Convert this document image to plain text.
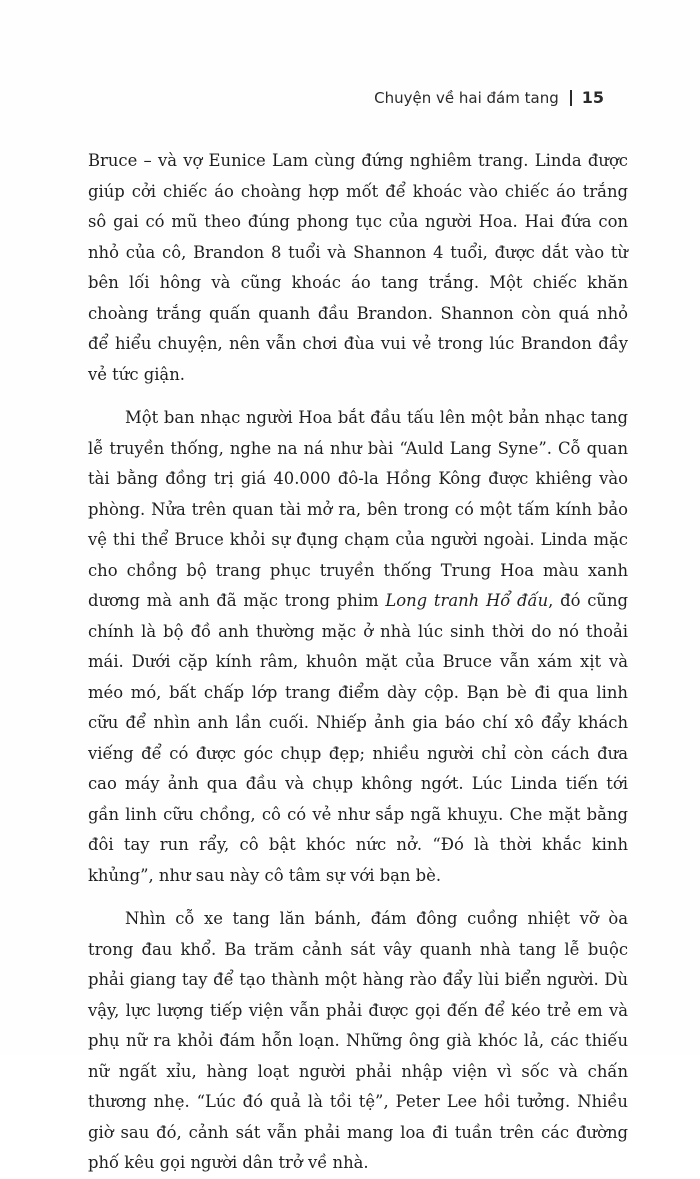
Chuyện về hai đám tang 15

Bruce – và vợ Eunice Lam cùng đứng nghiêm trang. Linda được giúp cởi chiếc áo choàng hợp mốt để khoác vào chiếc áo trắng sô gai có mũ theo đúng phong tục của người Hoa. Hai đứa con nhỏ của cô, Brandon 8 tuổi và Shannon 4 tuổi, được dắt vào từ bên lối hông và cũng khoác áo tang trắng. Một chiếc khăn choàng trắng quấn quanh đầu Brandon. Shannon còn quá nhỏ để hiểu chuyện, nên vẫn chơi đùa vui vẻ trong lúc Brandon đầy vẻ tức giận.

Một ban nhạc người Hoa bắt đầu tấu lên một bản nhạc tang lễ truyền thống, nghe na ná như bài “Auld Lang Syne”. Cỗ quan tài bằng đồng trị giá 40.000 đô-la Hồng Kông được khiêng vào phòng. Nửa trên quan tài mở ra, bên trong có một tấm kính bảo vệ thi thể Bruce khỏi sự đụng chạm của người ngoài. Linda mặc cho chồng bộ trang phục truyền thống Trung Hoa màu xanh dương mà anh đã mặc trong phim Long tranh Hổ đấu, đó cũng chính là bộ đồ anh thường mặc ở nhà lúc sinh thời do nó thoải mái. Dưới cặp kính râm, khuôn mặt của Bruce vẫn xám xịt và méo mó, bất chấp lớp trang điểm dày cộp. Bạn bè đi qua linh cữu để nhìn anh lần cuối. Nhiếp ảnh gia báo chí xô đẩy khách viếng để có được góc chụp đẹp; nhiều người chỉ còn cách đưa cao máy ảnh qua đầu và chụp không ngớt. Lúc Linda tiến tới gần linh cữu chồng, cô có vẻ như sắp ngã khuỵu. Che mặt bằng đôi tay run rẩy, cô bật khóc nức nở. “Đó là thời khắc kinh khủng”, như sau này cô tâm sự với bạn bè.

Nhìn cỗ xe tang lăn bánh, đám đông cuồng nhiệt vỡ òa trong đau khổ. Ba trăm cảnh sát vây quanh nhà tang lễ buộc phải giang tay để tạo thành một hàng rào đẩy lùi biển người. Dù vậy, lực lượng tiếp viện vẫn phải được gọi đến để kéo trẻ em và phụ nữ ra khỏi đám hỗn loạn. Những ông già khóc lả, các thiếu nữ ngất xỉu, hàng loạt người phải nhập viện vì sốc và chấn thương nhẹ. “Lúc đó quả là tồi tệ”, Peter Lee hồi tưởng. Nhiều giờ sau đó, cảnh sát vẫn phải mang loa đi tuần trên các đường phố kêu gọi người dân trở về nhà.
